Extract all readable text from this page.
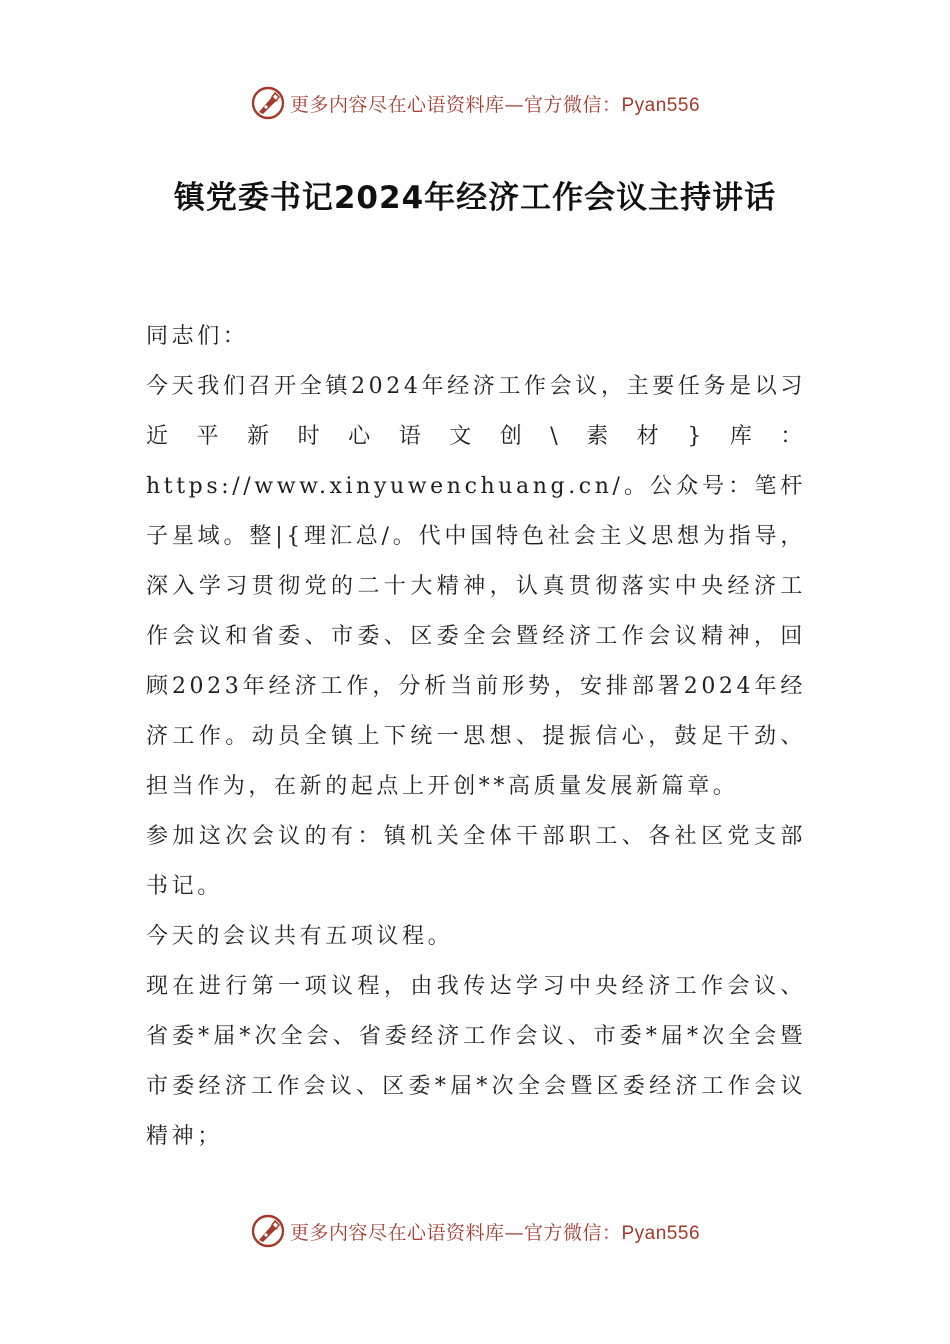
更多内容尽在心语资料库—官方微信：Pyan556
镇党委书记2024年经济工作会议主持讲话

同志们：

今天我们召开全镇2024年经济工作会议，主要任务是以习近平新时心语文创\素材}库：https://www.xinyuwenchuang.cn/。公众号：笔杆子星域。整|{理汇总/。代中国特色社会主义思想为指导，深入学习贯彻党的二十大精神，认真贯彻落实中央经济工作会议和省委、市委、区委全会暨经济工作会议精神，回顾2023年经济工作，分析当前形势，安排部署2024年经济工作。动员全镇上下统一思想、提振信心，鼓足干劲、担当作为，在新的起点上开创**高质量发展新篇章。

参加这次会议的有：镇机关全体干部职工、各社区党支部书记。

今天的会议共有五项议程。

现在进行第一项议程，由我传达学习中央经济工作会议、省委*届*次全会、省委经济工作会议、市委*届*次全会暨市委经济工作会议、区委*届*次全会暨区委经济工作会议精神；

更多内容尽在心语资料库—官方微信：Pyan556
